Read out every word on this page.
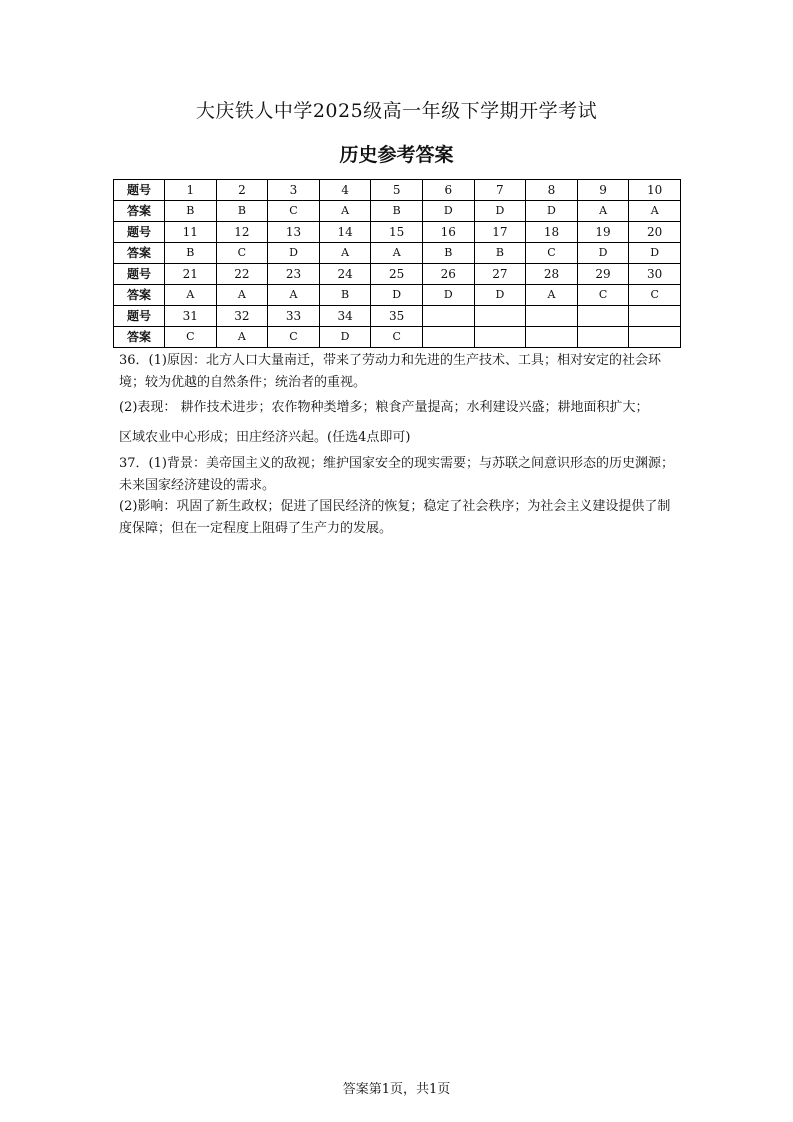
大庆铁人中学2025级高一年级下学期开学考试
历史参考答案
题号	1	2	3	4	5	6	7	8	9	10
答案	B	B	C	A	B	D	D	D	A	A
题号	11	12	13	14	15	16	17	18	19	20
答案	B	C	D	A	A	B	B	C	D	D
题号	21	22	23	24	25	26	27	28	29	30
答案	A	A	A	B	D	D	D	A	C	C
题号	31	32	33	34	35					
答案	C	A	C	D	C					
36．(1)原因：北方人口大量南迁，带来了劳动力和先进的生产技术、工具；相对安定的社会环境；较为优越的自然条件；统治者的重视。
(2)表现： 耕作技术进步；农作物种类增多；粮食产量提高；水利建设兴盛；耕地面积扩大；
区域农业中心形成；田庄经济兴起。(任选4点即可)
37．(1)背景：美帝国主义的敌视；维护国家安全的现实需要；与苏联之间意识形态的历史渊源；未来国家经济建设的需求。
(2)影响：巩固了新生政权；促进了国民经济的恢复；稳定了社会秩序；为社会主义建设提供了制度保障；但在一定程度上阻碍了生产力的发展。
答案第1页，共1页
